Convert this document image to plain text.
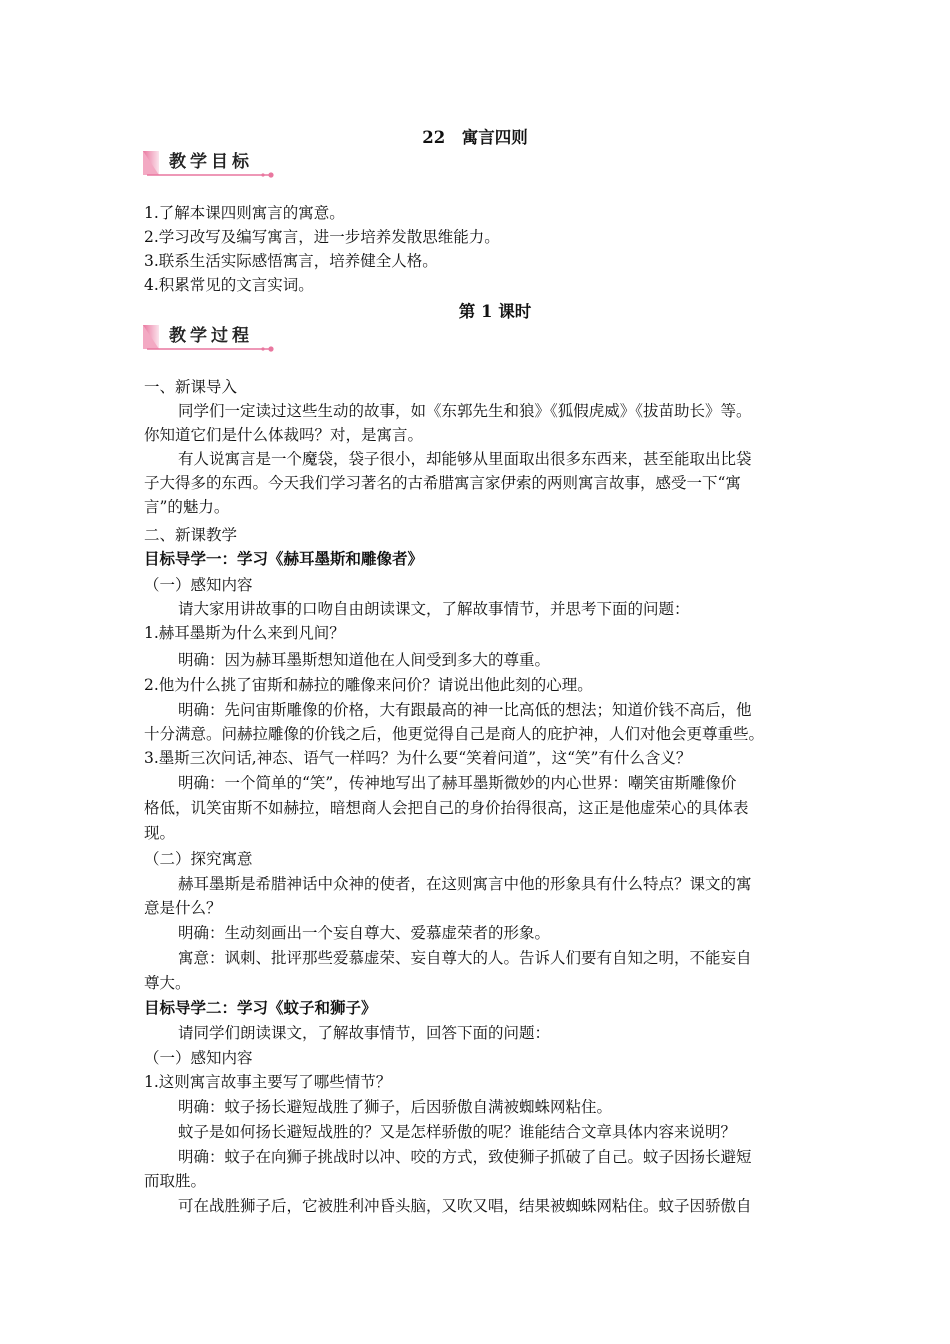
22　寓言四则
教学目标
1.了解本课四则寓言的寓意。
2.学习改写及编写寓言，进一步培养发散思维能力。
3.联系生活实际感悟寓言，培养健全人格。
4.积累常见的文言实词。
第 1 课时
教学过程
一、新课导入
同学们一定读过这些生动的故事，如《东郭先生和狼》《狐假虎威》《拔苗助长》等。
你知道它们是什么体裁吗？对，是寓言。
有人说寓言是一个魔袋，袋子很小，却能够从里面取出很多东西来，甚至能取出比袋
子大得多的东西。今天我们学习著名的古希腊寓言家伊索的两则寓言故事，感受一下“寓
言”的魅力。
二、新课教学
目标导学一：学习《赫耳墨斯和雕像者》
（一）感知内容
请大家用讲故事的口吻自由朗读课文，了解故事情节，并思考下面的问题：
1.赫耳墨斯为什么来到凡间？
明确：因为赫耳墨斯想知道他在人间受到多大的尊重。
2.他为什么挑了宙斯和赫拉的雕像来问价？请说出他此刻的心理。
明确：先问宙斯雕像的价格，大有跟最高的神一比高低的想法；知道价钱不高后，他
十分满意。问赫拉雕像的价钱之后，他更觉得自己是商人的庇护神，人们对他会更尊重些。
3.墨斯三次问话,神态、语气一样吗？为什么要“笑着问道”，这“笑”有什么含义？
明确：一个简单的“笑”，传神地写出了赫耳墨斯微妙的内心世界：嘲笑宙斯雕像价
格低，讥笑宙斯不如赫拉，暗想商人会把自己的身价抬得很高，这正是他虚荣心的具体表
现。
（二）探究寓意
赫耳墨斯是希腊神话中众神的使者，在这则寓言中他的形象具有什么特点？课文的寓
意是什么？
明确：生动刻画出一个妄自尊大、爱慕虚荣者的形象。
寓意：讽刺、批评那些爱慕虚荣、妄自尊大的人。告诉人们要有自知之明，不能妄自
尊大。
目标导学二：学习《蚊子和狮子》
请同学们朗读课文，了解故事情节，回答下面的问题：
（一）感知内容
1.这则寓言故事主要写了哪些情节？
明确：蚊子扬长避短战胜了狮子，后因骄傲自满被蜘蛛网粘住。
蚊子是如何扬长避短战胜的？又是怎样骄傲的呢？谁能结合文章具体内容来说明？
明确：蚊子在向狮子挑战时以冲、咬的方式，致使狮子抓破了自己。蚊子因扬长避短
而取胜。
可在战胜狮子后，它被胜利冲昏头脑，又吹又唱，结果被蜘蛛网粘住。蚊子因骄傲自
